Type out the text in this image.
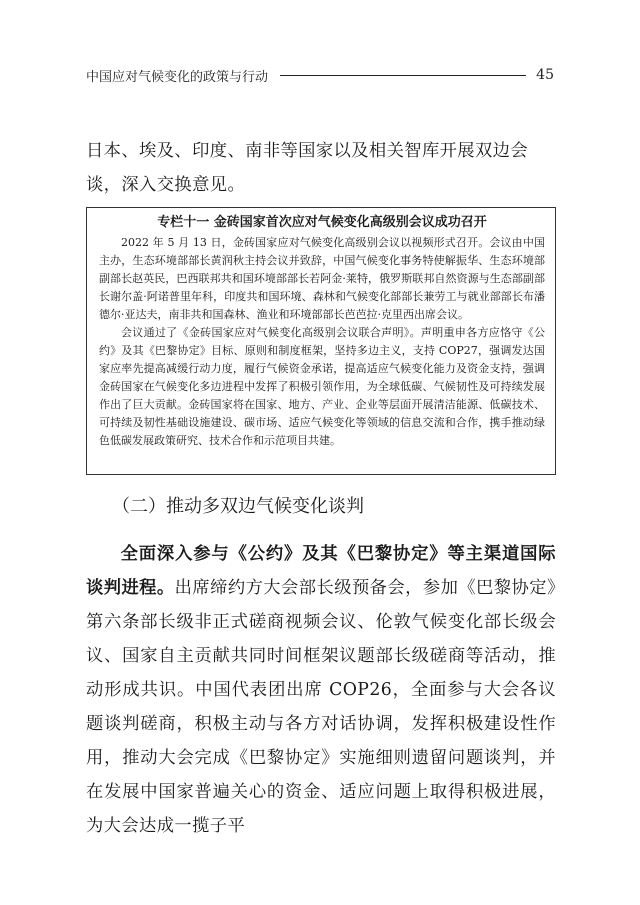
中国应对气候变化的政策与行动	45

日本、埃及、印度、南非等国家以及相关智库开展双边会谈，深入交换意见。

专栏十一 金砖国家首次应对气候变化高级别会议成功召开

2022 年 5 月 13 日，金砖国家应对气候变化高级别会议以视频形式召开。会议由中国主办，生态环境部部长黄润秋主持会议并致辞，中国气候变化事务特使解振华、生态环境部副部长赵英民，巴西联邦共和国环境部部长若阿金·莱特，俄罗斯联邦自然资源与生态部副部长谢尔盖·阿诺普里年科，印度共和国环境、森林和气候变化部部长兼劳工与就业部部长布潘德尔·亚达夫，南非共和国森林、渔业和环境部部长芭芭拉·克里西出席会议。

会议通过了《金砖国家应对气候变化高级别会议联合声明》。声明重申各方应恪守《公约》及其《巴黎协定》目标、原则和制度框架，坚持多边主义，支持 COP27，强调发达国家应率先提高减缓行动力度，履行气候资金承诺，提高适应气候变化能力及资金支持，强调金砖国家在气候变化多边进程中发挥了积极引领作用，为全球低碳、气候韧性及可持续发展作出了巨大贡献。金砖国家将在国家、地方、产业、企业等层面开展清洁能源、低碳技术、可持续及韧性基础设施建设、碳市场、适应气候变化等领域的信息交流和合作，携手推动绿色低碳发展政策研究、技术合作和示范项目共建。

（二）推动多双边气候变化谈判

全面深入参与《公约》及其《巴黎协定》等主渠道国际谈判进程。出席缔约方大会部长级预备会，参加《巴黎协定》第六条部长级非正式磋商视频会议、伦敦气候变化部长级会议、国家自主贡献共同时间框架议题部长级磋商等活动，推动形成共识。中国代表团出席 COP26，全面参与大会各议题谈判磋商，积极主动与各方对话协调，发挥积极建设性作用，推动大会完成《巴黎协定》实施细则遗留问题谈判，并在发展中国家普遍关心的资金、适应问题上取得积极进展，为大会达成一揽子平
